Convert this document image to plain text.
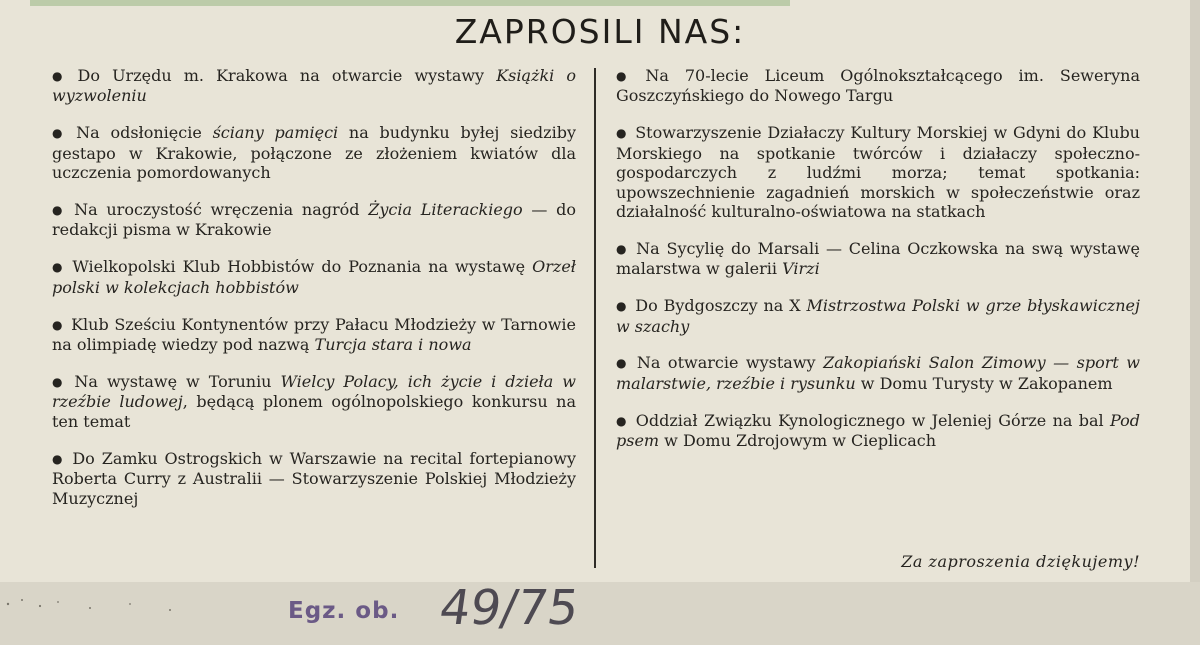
ZAPROSILI NAS:

● Do Urzędu m. Krakowa na otwarcie wystawy Książki o wyzwoleniu

● Na odsłonięcie ściany pamięci na budynku byłej siedziby gestapo w Krakowie, połączone ze złożeniem kwiatów dla uczczenia pomordowanych

● Na uroczystość wręczenia nagród Życia Literackiego — do redakcji pisma w Krakowie

● Wielkopolski Klub Hobbistów do Poznania na wystawę Orzeł polski w kolekcjach hobbistów

● Klub Sześciu Kontynentów przy Pałacu Młodzieży w Tarnowie na olimpiadę wiedzy pod nazwą Turcja stara i nowa

● Na wystawę w Toruniu Wielcy Polacy, ich życie i dzieła w rzeźbie ludowej, będącą plonem ogólnopolskiego konkursu na ten temat

● Do Zamku Ostrogskich w Warszawie na recital fortepianowy Roberta Curry z Australii — Stowarzyszenie Polskiej Młodzieży Muzycznej

● Na 70-lecie Liceum Ogólnokształcącego im. Seweryna Goszczyńskiego do Nowego Targu

● Stowarzyszenie Działaczy Kultury Morskiej w Gdyni do Klubu Morskiego na spotkanie twórców i działaczy społeczno-gospodarczych z ludźmi morza; temat spotkania: upowszechnienie zagadnień morskich w społeczeństwie oraz działalność kulturalno-oświatowa na statkach

● Na Sycylię do Marsali — Celina Oczkowska na swą wystawę malarstwa w galerii Virzi

● Do Bydgoszczy na X Mistrzostwa Polski w grze błyskawicznej w szachy

● Na otwarcie wystawy Zakopiański Salon Zimowy — sport w malarstwie, rzeźbie i rysunku w Domu Turysty w Zakopanem

● Oddział Związku Kynologicznego w Jeleniej Górze na bal Pod psem w Domu Zdrojowym w Cieplicach

Za zaproszenia dziękujemy!
Egz. ob. 49/75
